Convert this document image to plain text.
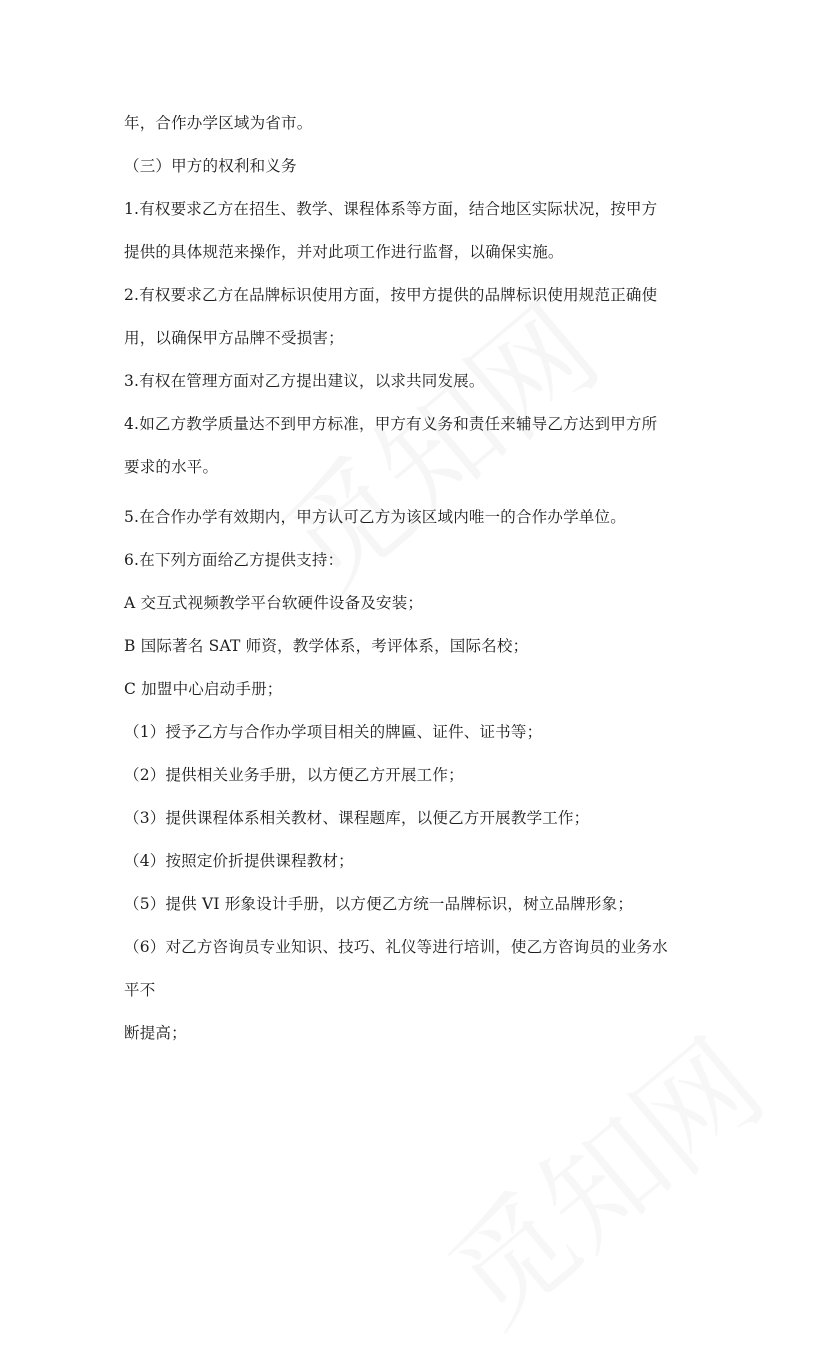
年，合作办学区域为省市。
（三）甲方的权利和义务
1.有权要求乙方在招生、教学、课程体系等方面，结合地区实际状况，按甲方
提供的具体规范来操作，并对此项工作进行监督，以确保实施。
2.有权要求乙方在品牌标识使用方面，按甲方提供的品牌标识使用规范正确使
用，以确保甲方品牌不受损害；
3.有权在管理方面对乙方提出建议，以求共同发展。
4.如乙方教学质量达不到甲方标准，甲方有义务和责任来辅导乙方达到甲方所
要求的水平。
5.在合作办学有效期内，甲方认可乙方为该区域内唯一的合作办学单位。
6.在下列方面给乙方提供支持：
A 交互式视频教学平台软硬件设备及安装；
B 国际著名 SAT 师资，教学体系，考评体系，国际名校；
C 加盟中心启动手册；
（1）授予乙方与合作办学项目相关的牌匾、证件、证书等；
（2）提供相关业务手册，以方便乙方开展工作；
（3）提供课程体系相关教材、课程题库，以便乙方开展教学工作；
（4）按照定价折提供课程教材；
（5）提供 VI 形象设计手册，以方便乙方统一品牌标识，树立品牌形象；
（6）对乙方咨询员专业知识、技巧、礼仪等进行培训，使乙方咨询员的业务水
平不
断提高；
